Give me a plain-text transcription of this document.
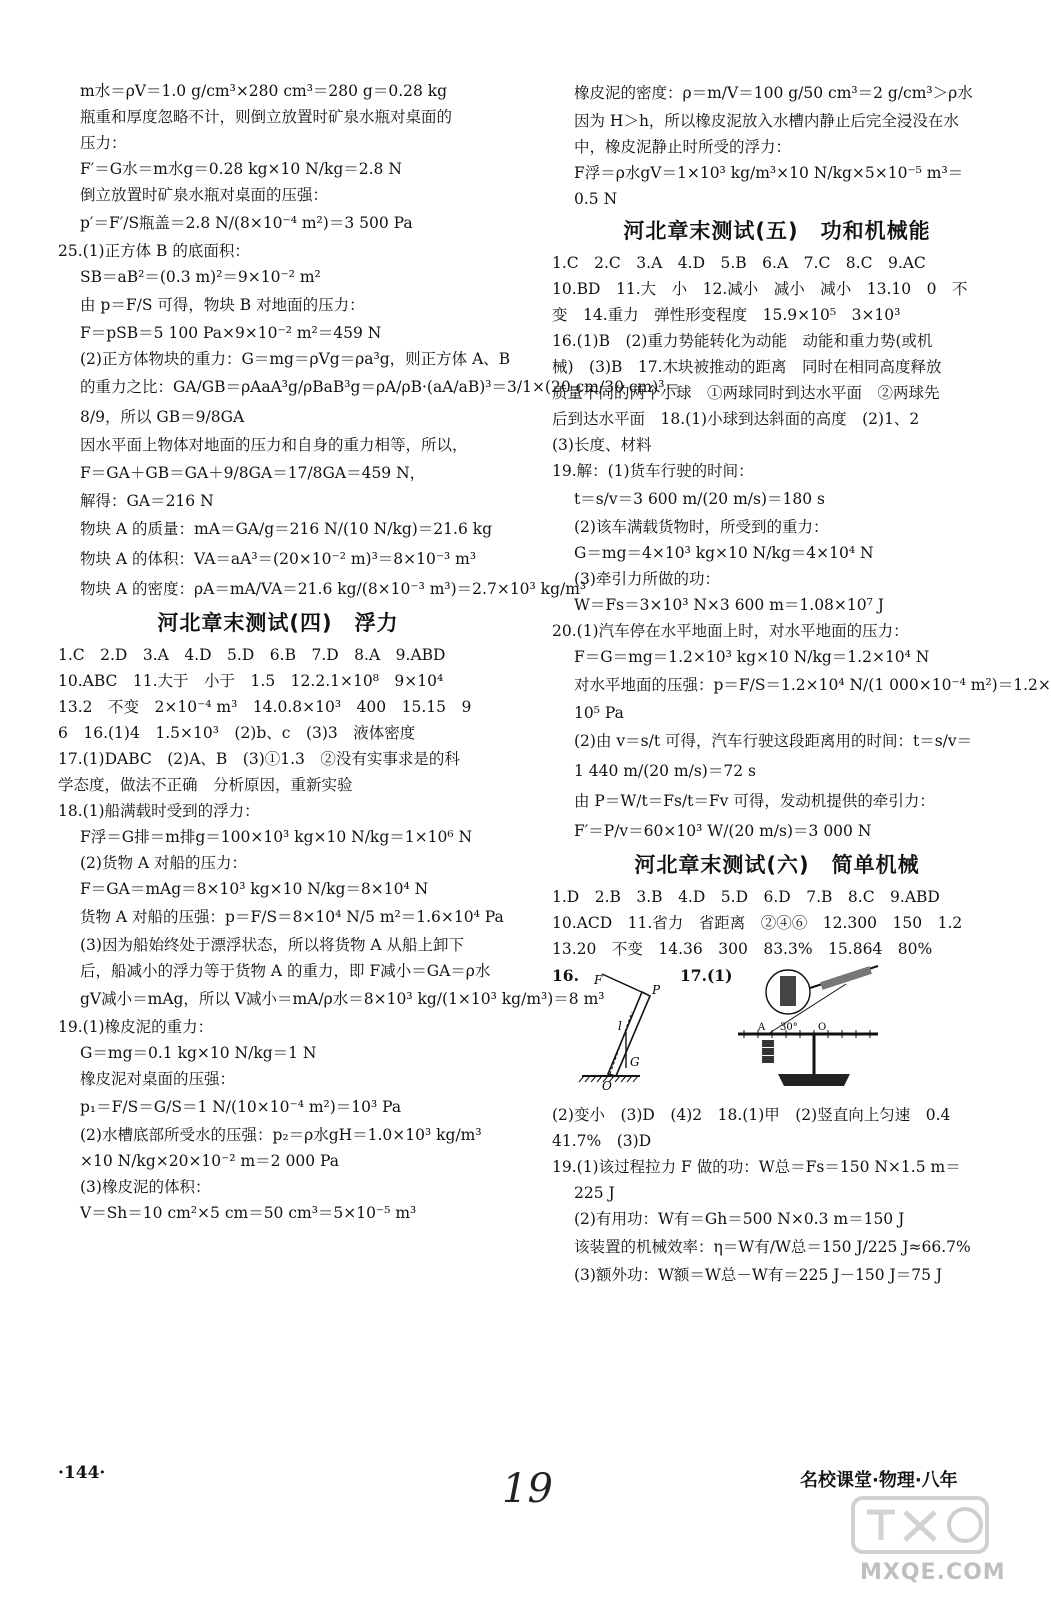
m水＝ρV＝1.0 g/cm³×280 cm³＝280 g＝0.28 kg
瓶重和厚度忽略不计，则倒立放置时矿泉水瓶对桌面的
压力：
F′＝G水＝m水g＝0.28 kg×10 N/kg＝2.8 N
倒立放置时矿泉水瓶对桌面的压强：
p′＝F′/S瓶盖＝2.8 N/(8×10⁻⁴ m²)＝3 500 Pa
25.(1)正方体 B 的底面积：
SB＝aB²＝(0.3 m)²＝9×10⁻² m²
由 p＝F/S 可得，物块 B 对地面的压力：
F＝pSB＝5 100 Pa×9×10⁻² m²＝459 N
(2)正方体物块的重力：G＝mg＝ρVg＝ρa³g，则正方体 A、B
的重力之比：GA/GB＝ρAaA³g/ρBaB³g＝ρA/ρB·(aA/aB)³＝3/1×(20 cm/30 cm)³＝
8/9，所以 GB＝9/8GA
因水平面上物体对地面的压力和自身的重力相等，所以，
F＝GA＋GB＝GA＋9/8GA＝17/8GA＝459 N，
解得：GA＝216 N
物块 A 的质量：mA＝GA/g＝216 N/(10 N/kg)＝21.6 kg
物块 A 的体积：VA＝aA³＝(20×10⁻² m)³＝8×10⁻³ m³
物块 A 的密度：ρA＝mA/VA＝21.6 kg/(8×10⁻³ m³)＝2.7×10³ kg/m³
河北章末测试(四)　浮力
1.C　2.D　3.A　4.D　5.D　6.B　7.D　8.A　9.ABD
10.ABC　11.大于　小于　1.5　12.2.1×10⁸　9×10⁴
13.2　不变　2×10⁻⁴ m³　14.0.8×10³　400　15.15　9
6　16.(1)4　1.5×10³　(2)b、c　(3)3　液体密度
17.(1)DABC　(2)A、B　(3)①1.3　②没有实事求是的科
学态度，做法不正确　分析原因，重新实验
18.(1)船满载时受到的浮力：
F浮＝G排＝m排g＝100×10³ kg×10 N/kg＝1×10⁶ N
(2)货物 A 对船的压力：
F＝GA＝mAg＝8×10³ kg×10 N/kg＝8×10⁴ N
货物 A 对船的压强：p＝F/S＝8×10⁴ N/5 m²＝1.6×10⁴ Pa
(3)因为船始终处于漂浮状态，所以将货物 A 从船上卸下
后，船减小的浮力等于货物 A 的重力，即 F减小＝GA＝ρ水
gV减小＝mAg，所以 V减小＝mA/ρ水＝8×10³ kg/(1×10³ kg/m³)＝8 m³
19.(1)橡皮泥的重力：
G＝mg＝0.1 kg×10 N/kg＝1 N
橡皮泥对桌面的压强：
p₁＝F/S＝G/S＝1 N/(10×10⁻⁴ m²)＝10³ Pa
(2)水槽底部所受水的压强：p₂＝ρ水gH＝1.0×10³ kg/m³
×10 N/kg×20×10⁻² m＝2 000 Pa
(3)橡皮泥的体积：
V＝Sh＝10 cm²×5 cm＝50 cm³＝5×10⁻⁵ m³
橡皮泥的密度：ρ＝m/V＝100 g/50 cm³＝2 g/cm³＞ρ水
因为 H＞h，所以橡皮泥放入水槽内静止后完全浸没在水
中，橡皮泥静止时所受的浮力：
F浮＝ρ水gV＝1×10³ kg/m³×10 N/kg×5×10⁻⁵ m³＝
0.5 N
河北章末测试(五)　功和机械能
1.C　2.C　3.A　4.D　5.B　6.A　7.C　8.C　9.AC
10.BD　11.大　小　12.减小　减小　减小　13.10　0　不
变　14.重力　弹性形变程度　15.9×10⁵　3×10³
16.(1)B　(2)重力势能转化为动能　动能和重力势(或机
械)　(3)B　17.木块被推动的距离　同时在相同高度释放
质量不同的两个小球　①两球同时到达水平面　②两球先
后到达水平面　18.(1)小球到达斜面的高度　(2)1、2
(3)长度、材料
19.解：(1)货车行驶的时间：
t＝s/v＝3 600 m/(20 m/s)＝180 s
(2)该车满载货物时，所受到的重力：
G＝mg＝4×10³ kg×10 N/kg＝4×10⁴ N
(3)牵引力所做的功：
W＝Fs＝3×10³ N×3 600 m＝1.08×10⁷ J
20.(1)汽车停在水平地面上时，对水平地面的压力：
F＝G＝mg＝1.2×10³ kg×10 N/kg＝1.2×10⁴ N
对水平地面的压强：p＝F/S＝1.2×10⁴ N/(1 000×10⁻⁴ m²)＝1.2×
10⁵ Pa
(2)由 v＝s/t 可得，汽车行驶这段距离用的时间：t＝s/v＝
1 440 m/(20 m/s)＝72 s
由 P＝W/t＝Fs/t＝Fv 可得，发动机提供的牵引力：
F′＝P/v＝60×10³ W/(20 m/s)＝3 000 N
河北章末测试(六)　简单机械
1.D　2.B　3.B　4.D　5.D　6.D　7.B　8.C　9.ABD
10.ACD　11.省力　省距离　②④⑥　12.300　150　1.2
13.20　不变　14.36　300　83.3%　15.864　80%
16.	17.(1)
F
P
l
G
O
A 30° O
(2)变小　(3)D　(4)2　18.(1)甲　(2)竖直向上匀速　0.4
41.7%　(3)D
19.(1)该过程拉力 F 做的功：W总＝Fs＝150 N×1.5 m＝
225 J
(2)有用功：W有＝Gh＝500 N×0.3 m＝150 J
该装置的机械效率：η＝W有/W总＝150 J/225 J≈66.7%
(3)额外功：W额＝W总－W有＝225 J－150 J＝75 J
·144·	名校课堂·物理·八年
19
MXQE.COM
